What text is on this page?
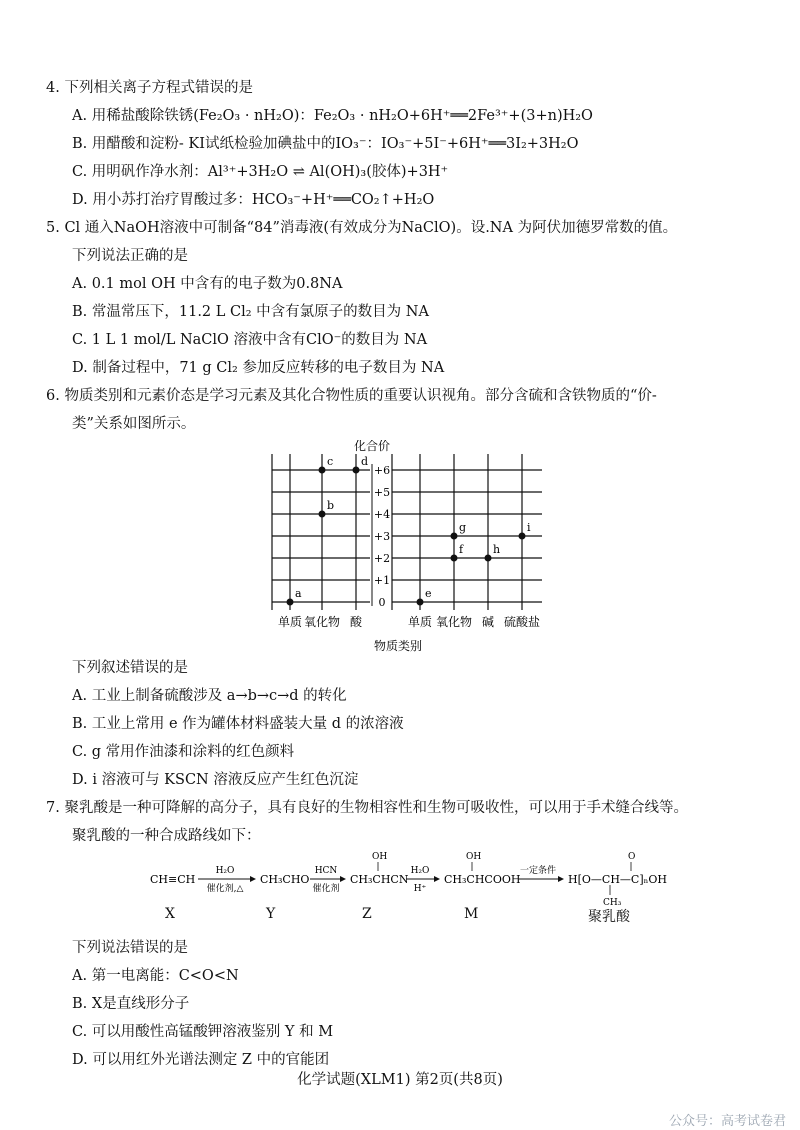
4. 下列相关离子方程式错误的是
A. 用稀盐酸除铁锈(Fe₂O₃ · nH₂O)：Fe₂O₃ · nH₂O+6H⁺══2Fe³⁺+(3+n)H₂O
B. 用醋酸和淀粉- KI试纸检验加碘盐中的IO₃⁻：IO₃⁻+5I⁻+6H⁺══3I₂+3H₂O
C. 用明矾作净水剂：Al³⁺+3H₂O ⇌ Al(OH)₃(胶体)+3H⁺
D. 用小苏打治疗胃酸过多：HCO₃⁻+H⁺══CO₂↑+H₂O
5. Cl 通入NaOH溶液中可制备“84”消毒液(有效成分为NaClO)。设.NA 为阿伏加德罗常数的值。
下列说法正确的是
A. 0.1 mol OH 中含有的电子数为0.8NA
B. 常温常压下，11.2 L Cl₂ 中含有氯原子的数目为 NA
C. 1 L 1 mol/L NaClO 溶液中含有ClO⁻的数目为 NA
D. 制备过程中，71 g Cl₂ 参加反应转移的电子数目为 NA
6. 物质类别和元素价态是学习元素及其化合物性质的重要认识视角。部分含硫和含铁物质的“价-
类”关系如图所示。
0
+1
+2
+3
+4
+5
+6
单质 氧化物 酸	单质 氧化物 碱 硫酸盐
a
b
c	d
e
f
g
h
i
化合价
物质类别
下列叙述错误的是
A. 工业上制备硫酸涉及 a→b→c→d 的转化
B. 工业上常用 e 作为罐体材料盛装大量 d 的浓溶液
C. g 常用作油漆和涂料的红色颜料
D. i 溶液可与 KSCN 溶液反应产生红色沉淀
7. 聚乳酸是一种可降解的高分子，具有良好的生物相容性和生物可吸收性，可以用于手术缝合线等。
聚乳酸的一种合成路线如下：
CH≡CH
H₂O
催化剂,△
CH₃CHO
HCN
催化剂
OH
CH₃CHCN
H₂O
H⁺
OH
CH₃CHCOOH
一定条件
O
H[O—CH—C]ₙOH
CH₃
X	Y	Z	M	聚乳酸
下列说法错误的是
A. 第一电离能：C<O<N
B. X是直线形分子
C. 可以用酸性高锰酸钾溶液鉴别 Y 和 M
D. 可以用红外光谱法测定 Z 中的官能团
化学试题(XLM1) 第2页(共8页)
公众号：高考试卷君
